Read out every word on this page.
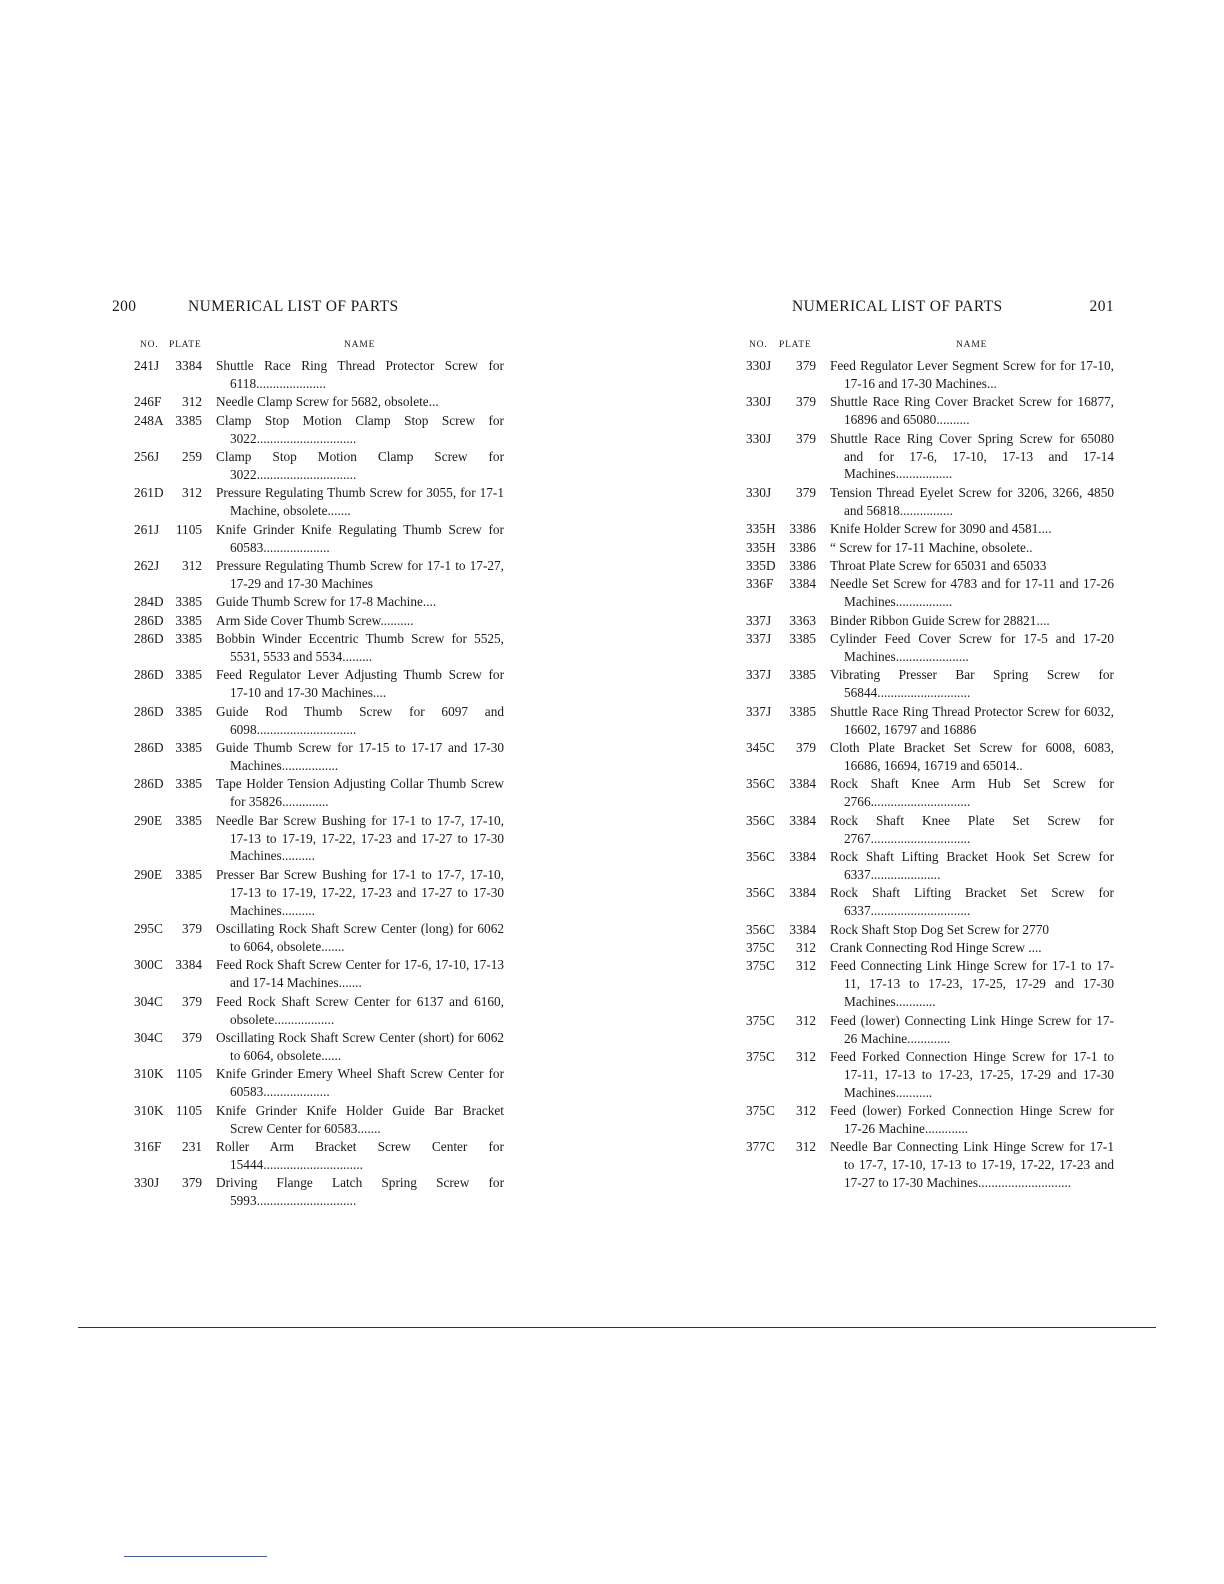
200	NUMERICAL LIST OF PARTS
NO. PLATE	NAME
241J	3384 Shuttle Race Ring Thread Protector Screw for 6118.....................
246F	312 Needle Clamp Screw for 5682, obsolete...
248A 3385 Clamp Stop Motion Clamp Stop Screw for 3022..............................
256J	259 Clamp Stop Motion Clamp Screw for 3022..............................
261D	312 Pressure Regulating Thumb Screw for 3055, for 17-1 Machine, obsolete.......
261J	1105 Knife Grinder Knife Regulating Thumb Screw for 60583....................
262J	312 Pressure Regulating Thumb Screw for 17-1 to 17-27, 17-29 and 17-30 Machines
284D 3385 Guide Thumb Screw for 17-8 Machine....
286D 3385 Arm Side Cover Thumb Screw..........
286D 3385 Bobbin Winder Eccentric Thumb Screw for 5525, 5531, 5533 and 5534.........
286D 3385 Feed Regulator Lever Adjusting Thumb Screw for 17-10 and 17-30 Machines....
286D 3385 Guide Rod Thumb Screw for 6097 and 6098..............................
286D 3385 Guide Thumb Screw for 17-15 to 17-17 and 17-30 Machines.................
286D 3385 Tape Holder Tension Adjusting Collar Thumb Screw for 35826..............
290E	3385 Needle Bar Screw Bushing for 17-1 to 17-7, 17-10, 17-13 to 17-19, 17-22, 17-23 and 17-27 to 17-30 Machines..........
290E	3385 Presser Bar Screw Bushing for 17-1 to 17-7, 17-10, 17-13 to 17-19, 17-22, 17-23 and 17-27 to 17-30 Machines..........
295C	379 Oscillating Rock Shaft Screw Center (long) for 6062 to 6064, obsolete.......
300C 3384 Feed Rock Shaft Screw Center for 17-6, 17-10, 17-13 and 17-14 Machines.......
304C	379 Feed Rock Shaft Screw Center for 6137 and 6160, obsolete..................
304C	379 Oscillating Rock Shaft Screw Center (short) for 6062 to 6064, obsolete......
310K 1105 Knife Grinder Emery Wheel Shaft Screw Center for 60583....................
310K 1105 Knife Grinder Knife Holder Guide Bar Bracket Screw Center for 60583.......
316F	231 Roller Arm Bracket Screw Center for 15444..............................
330J	379 Driving Flange Latch Spring Screw for 5993..............................
NUMERICAL LIST OF PARTS	201
NO. PLATE	NAME
330J	379 Feed Regulator Lever Segment Screw for for 17-10, 17-16 and 17-30 Machines...
330J	379 Shuttle Race Ring Cover Bracket Screw for 16877, 16896 and 65080..........
330J	379 Shuttle Race Ring Cover Spring Screw for 65080 and for 17-6, 17-10, 17-13 and 17-14 Machines.................
330J	379 Tension Thread Eyelet Screw for 3206, 3266, 4850 and 56818................
335H	3386 Knife Holder Screw for 3090 and 4581....
335H	3386 “ Screw for 17-11 Machine, obsolete..
335D	3386 Throat Plate Screw for 65031 and 65033
336F	3384 Needle Set Screw for 4783 and for 17-11 and 17-26 Machines.................
337J	3363 Binder Ribbon Guide Screw for 28821....
337J	3385 Cylinder Feed Cover Screw for 17-5 and 17-20 Machines......................
337J	3385 Vibrating Presser Bar Spring Screw for 56844............................
337J	3385 Shuttle Race Ring Thread Protector Screw for 6032, 16602, 16797 and 16886
345C	379 Cloth Plate Bracket Set Screw for 6008, 6083, 16686, 16694, 16719 and 65014..
356C	3384 Rock Shaft Knee Arm Hub Set Screw for 2766..............................
356C	3384 Rock Shaft Knee Plate Set Screw for 2767..............................
356C	3384 Rock Shaft Lifting Bracket Hook Set Screw for 6337.....................
356C	3384 Rock Shaft Lifting Bracket Set Screw for 6337..............................
356C	3384 Rock Shaft Stop Dog Set Screw for 2770
375C	312 Crank Connecting Rod Hinge Screw ....
375C	312 Feed Connecting Link Hinge Screw for 17-1 to 17-11, 17-13 to 17-23, 17-25, 17-29 and 17-30 Machines............
375C	312 Feed (lower) Connecting Link Hinge Screw for 17-26 Machine.............
375C	312 Feed Forked Connection Hinge Screw for 17-1 to 17-11, 17-13 to 17-23, 17-25, 17-29 and 17-30 Machines...........
375C	312 Feed (lower) Forked Connection Hinge Screw for 17-26 Machine.............
377C	312 Needle Bar Connecting Link Hinge Screw for 17-1 to 17-7, 17-10, 17-13 to 17-19, 17-22, 17-23 and 17-27 to 17-30 Machines............................
